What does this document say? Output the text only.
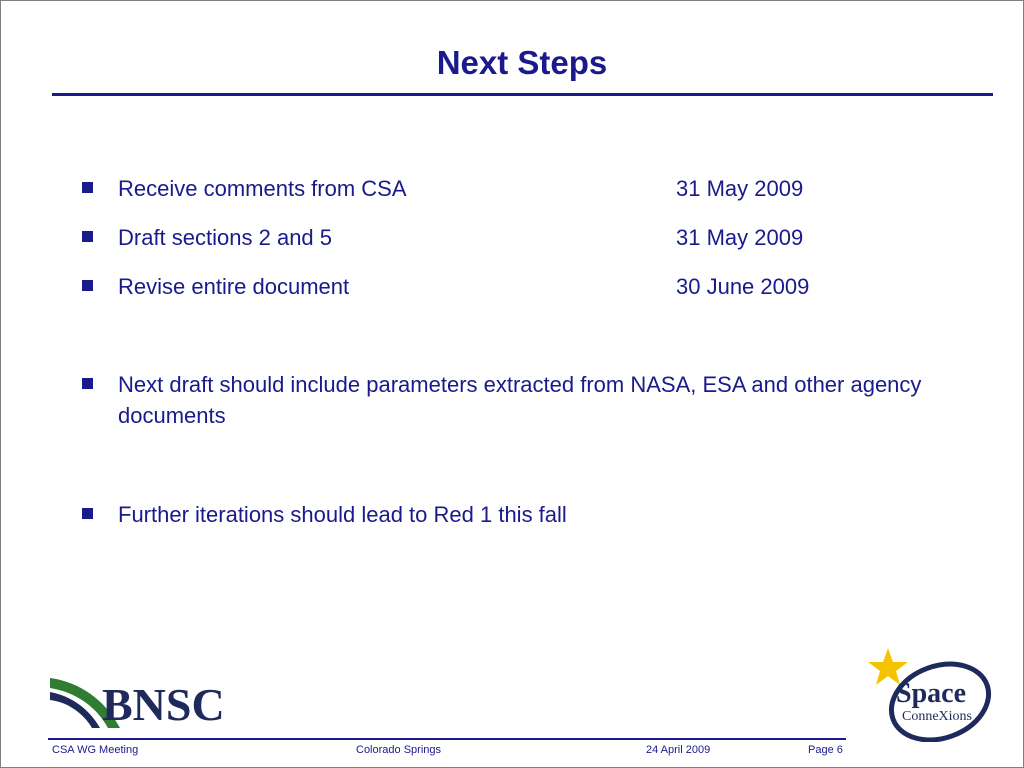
Next Steps
Receive comments from CSA	31 May 2009
Draft sections 2 and 5	31 May 2009
Revise entire document	30 June 2009
Next draft should include parameters extracted from NASA, ESA and other agency documents
Further iterations should lead to Red 1 this fall
BNSC	Space
ConneXions
CSA WG Meeting	Colorado Springs	24 April 2009	Page 6
